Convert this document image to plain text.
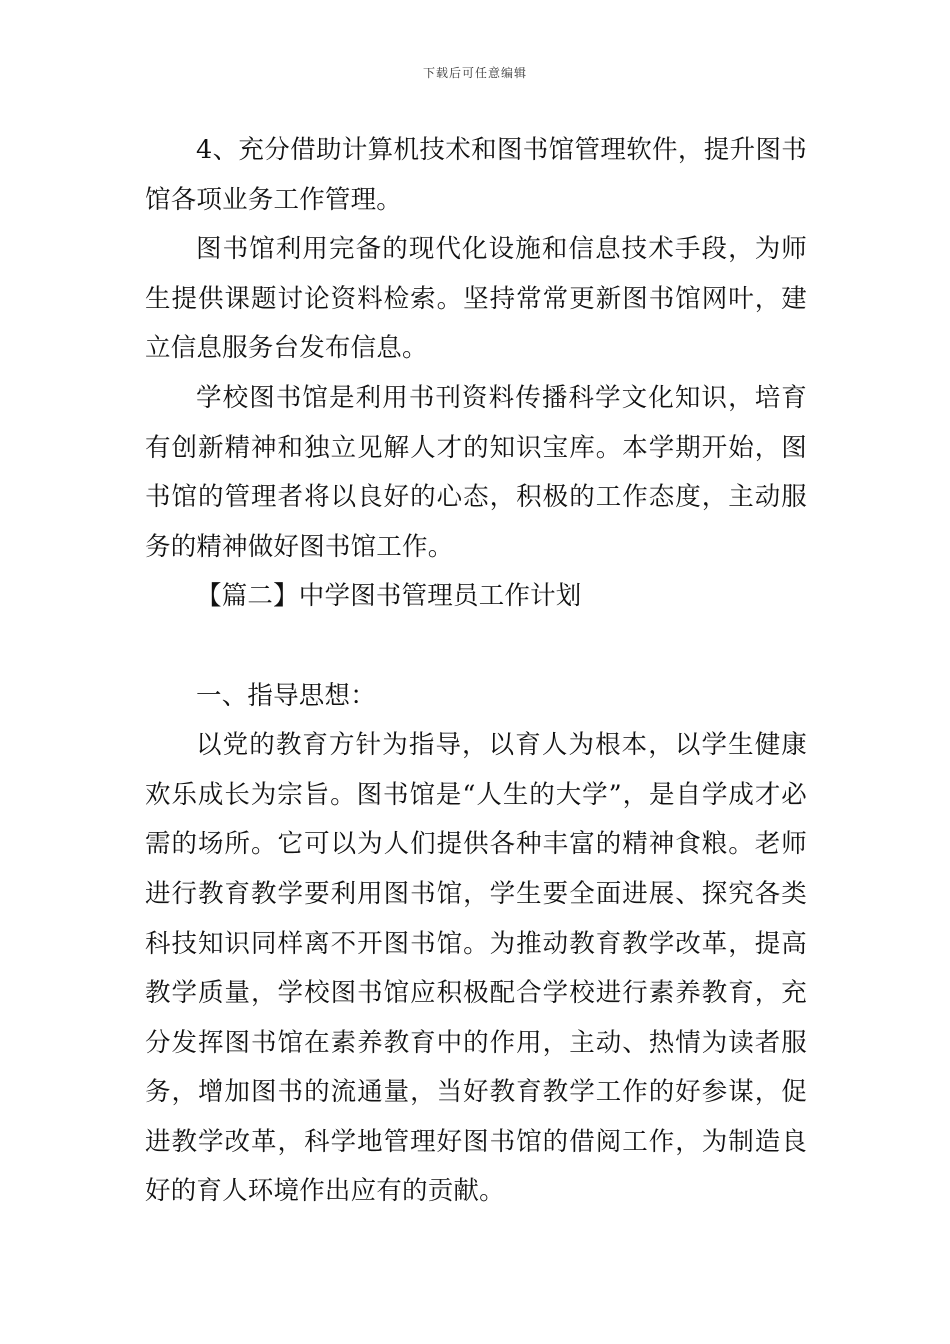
下载后可任意编辑

4、充分借助计算机技术和图书馆管理软件，提升图书馆各项业务工作管理。

图书馆利用完备的现代化设施和信息技术手段，为师生提供课题讨论资料检索。坚持常常更新图书馆网叶，建立信息服务台发布信息。

学校图书馆是利用书刊资料传播科学文化知识，培育有创新精神和独立见解人才的知识宝库。本学期开始，图书馆的管理者将以良好的心态，积极的工作态度，主动服务的精神做好图书馆工作。

【篇二】中学图书管理员工作计划

一、指导思想：

以党的教育方针为指导，以育人为根本，以学生健康欢乐成长为宗旨。图书馆是“人生的大学”，是自学成才必需的场所。它可以为人们提供各种丰富的精神食粮。老师进行教育教学要利用图书馆，学生要全面进展、探究各类科技知识同样离不开图书馆。为推动教育教学改革，提高教学质量，学校图书馆应积极配合学校进行素养教育，充分发挥图书馆在素养教育中的作用，主动、热情为读者服务，增加图书的流通量，当好教育教学工作的好参谋，促进教学改革，科学地管理好图书馆的借阅工作，为制造良好的育人环境作出应有的贡献。
